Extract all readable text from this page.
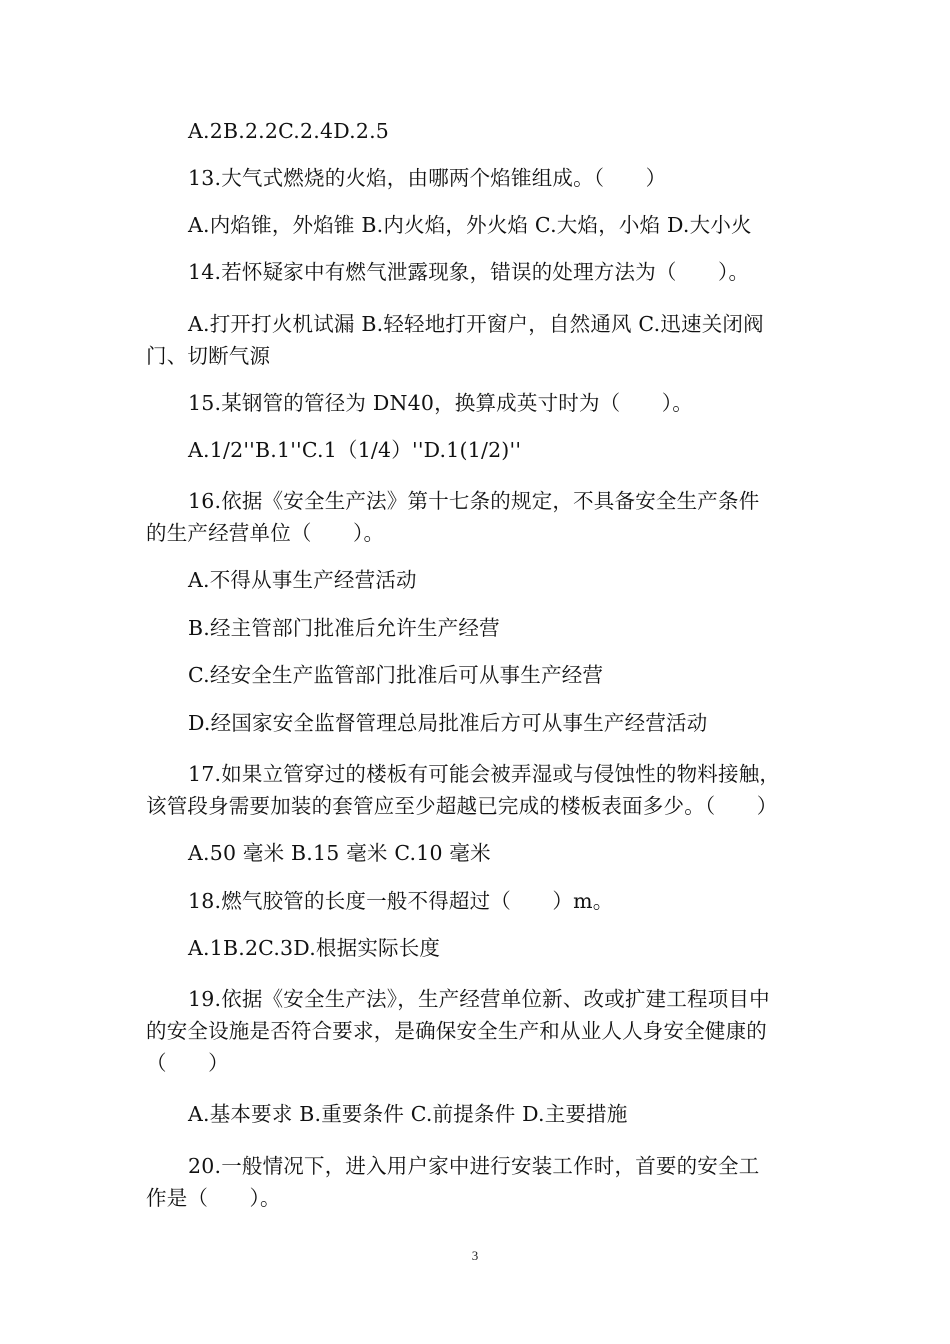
A.2B.2.2C.2.4D.2.5
13.大气式燃烧的火焰，由哪两个焰锥组成。（　　）
A.内焰锥，外焰锥 B.内火焰，外火焰 C.大焰，小焰 D.大小火
14.若怀疑家中有燃气泄露现象，错误的处理方法为（　　）。
A.打开打火机试漏 B.轻轻地打开窗户，自然通风 C.迅速关闭阀
门、切断气源
15.某钢管的管径为 DN40，换算成英寸时为（　　）。
A.1/2''B.1''C.1（1/4）''D.1(1/2)''
16.依据《安全生产法》第十七条的规定，不具备安全生产条件
的生产经营单位（　　）。
A.不得从事生产经营活动
B.经主管部门批准后允许生产经营
C.经安全生产监管部门批准后可从事生产经营
D.经国家安全监督管理总局批准后方可从事生产经营活动
17.如果立管穿过的楼板有可能会被弄湿或与侵蚀性的物料接触，
该管段身需要加装的套管应至少超越已完成的楼板表面多少。（　　）
A.50 毫米 B.15 毫米 C.10 毫米
18.燃气胶管的长度一般不得超过（　　）m。
A.1B.2C.3D.根据实际长度
19.依据《安全生产法》，生产经营单位新、改或扩建工程项目中
的安全设施是否符合要求，是确保安全生产和从业人人身安全健康的
（　　）
A.基本要求 B.重要条件 C.前提条件 D.主要措施
20.一般情况下，进入用户家中进行安装工作时，首要的安全工
作是（　　）。
3
